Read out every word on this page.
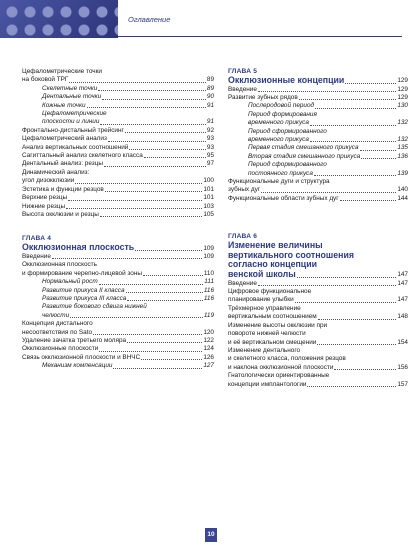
Оглавление
Цефалометрические точки
на боковой ТРГ	89
Скелетные точки	89
Дентальные точки	90
Кожные точки	91
Цефалометрические
плоскости и линии	91
Фронтально-дистальный трейсинг	92
Цефалометрический анализ	93
Анализ вертикальных соотношений	93
Сагиттальный анализ скелетного класса	95
Дентальный анализ: резцы	97
Динамический анализ:
угол дизокклюзии	100
Эстетика и функции резцов	101
Верхние резцы	101
Нижние резцы	103
Высота окклюзии и резцы	105
ГЛАВА 4
Окклюзионная плоскость	109
Введение	109
Окклюзионная плоскость
и формирование черепно-лицевой зоны	110
Нормальный рост	111
Развитие прикуса II класса	116
Развитие прикуса III класса	116
Развитие бокового сдвига нижней
челюсти	119
Концепция дистального
несоответствия по Sato	120
Удаление зачатка третьего моляра	122
Окклюзионные плоскости	124
Связь окклюзионной плоскости и ВНЧС	126
Механизм компенсации	127
ГЛАВА 5
Окклюзионные концепции	129
Введение	129
Развитие зубных рядов	129
Послеродовой период	130
Период формирования
временного прикуса	132
Период сформированного
временного прикуса	132
Первая стадия смешанного прикуса	135
Вторая стадия смешанного прикуса	136
Период сформированного
постоянного прикуса	139
Функциональные дуги и структура
зубных дуг	140
Функциональные области зубных дуг	144
ГЛАВА 6
Изменение величины
вертикального соотношения
согласно концепции
венской школы	147
Введение	147
Цифровое функциональное
планирование улыбки	147
Трёхмерное управление
вертикальным соотношением	148
Изменение высоты окклюзии при
повороте нижней челюсти
и её вертикальном смещении	154
Изменение дентального
и скелетного класса, положения резцов
и наклона окклюзионной плоскости	156
Гнатологически ориентированные
концепции имплантологии	157
10
